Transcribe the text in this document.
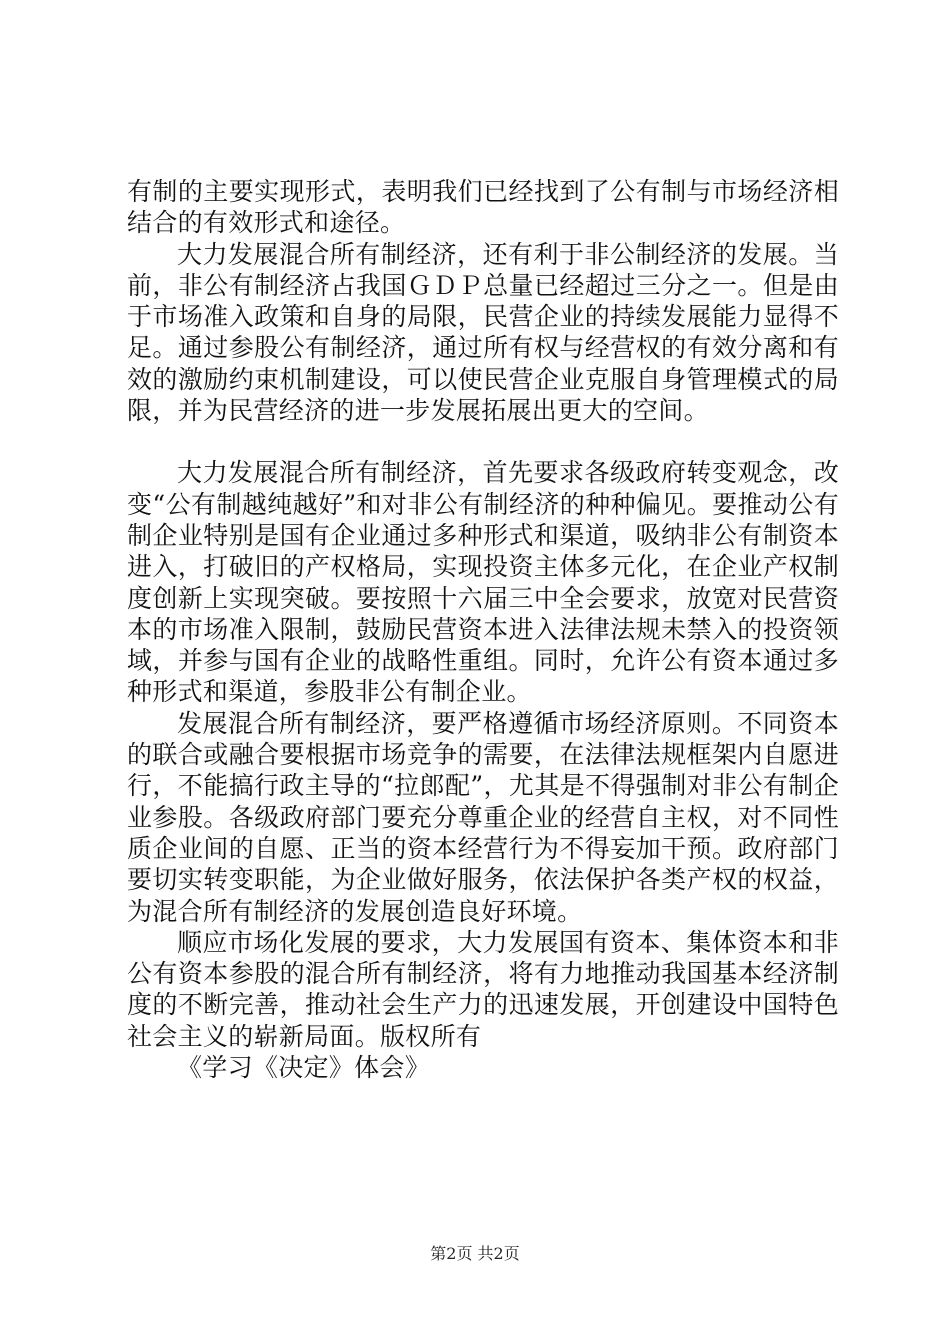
有制的主要实现形式，表明我们已经找到了公有制与市场经济相结合的有效形式和途径。

大力发展混合所有制经济，还有利于非公制经济的发展。当前，非公有制经济占我国ＧＤＰ总量已经超过三分之一。但是由于市场准入政策和自身的局限，民营企业的持续发展能力显得不足。通过参股公有制经济，通过所有权与经营权的有效分离和有效的激励约束机制建设，可以使民营企业克服自身管理模式的局限，并为民营经济的进一步发展拓展出更大的空间。

大力发展混合所有制经济，首先要求各级政府转变观念，改变“公有制越纯越好”和对非公有制经济的种种偏见。要推动公有制企业特别是国有企业通过多种形式和渠道，吸纳非公有制资本进入，打破旧的产权格局，实现投资主体多元化，在企业产权制度创新上实现突破。要按照十六届三中全会要求，放宽对民营资本的市场准入限制，鼓励民营资本进入法律法规未禁入的投资领域，并参与国有企业的战略性重组。同时，允许公有资本通过多种形式和渠道，参股非公有制企业。

发展混合所有制经济，要严格遵循市场经济原则。不同资本的联合或融合要根据市场竞争的需要，在法律法规框架内自愿进行，不能搞行政主导的“拉郎配”，尤其是不得强制对非公有制企业参股。各级政府部门要充分尊重企业的经营自主权，对不同性质企业间的自愿、正当的资本经营行为不得妄加干预。政府部门要切实转变职能，为企业做好服务，依法保护各类产权的权益，为混合所有制经济的发展创造良好环境。

顺应市场化发展的要求，大力发展国有资本、集体资本和非公有资本参股的混合所有制经济，将有力地推动我国基本经济制度的不断完善，推动社会生产力的迅速发展，开创建设中国特色社会主义的崭新局面。版权所有

《学习《决定》体会》

第2页 共2页
